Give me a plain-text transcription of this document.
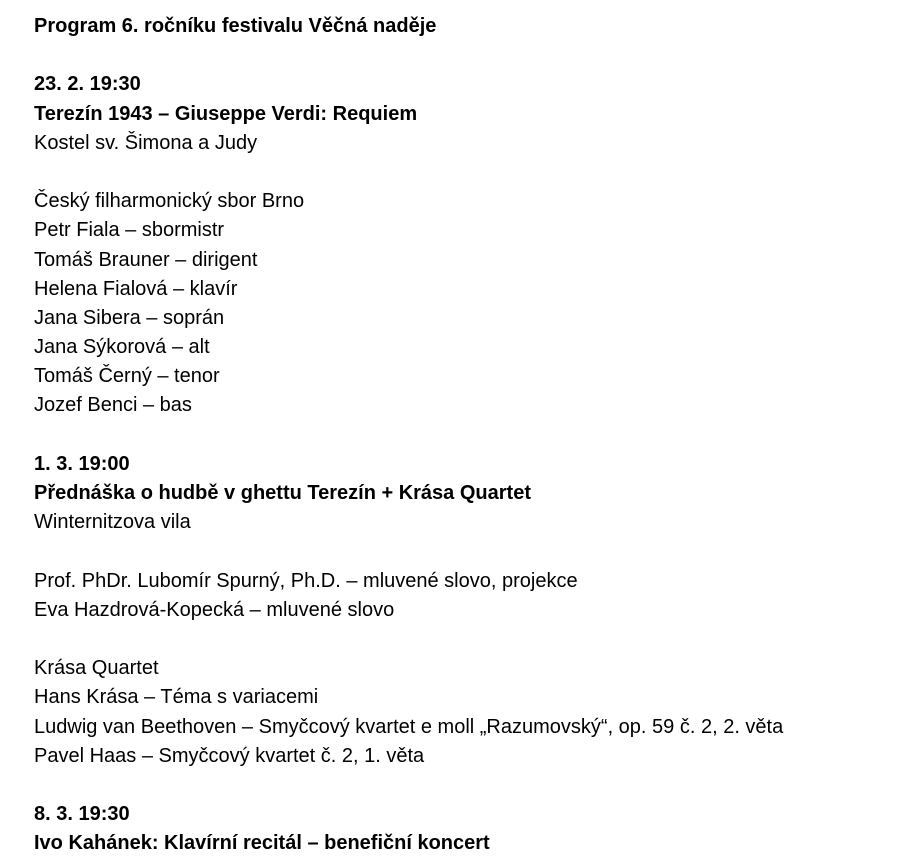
Program 6. ročníku festivalu Věčná naděje
23. 2. 19:30
Terezín 1943 – Giuseppe Verdi: Requiem
Kostel sv. Šimona a Judy
Český filharmonický sbor Brno
Petr Fiala – sbormistr
Tomáš Brauner – dirigent
Helena Fialová – klavír
Jana Sibera – soprán
Jana Sýkorová – alt
Tomáš Černý – tenor
Jozef Benci – bas
1. 3. 19:00
Přednáška o hudbě v ghettu Terezín + Krása Quartet
Winternitzova vila
Prof. PhDr. Lubomír Spurný, Ph.D. – mluvené slovo, projekce
Eva Hazdrová-Kopecká – mluvené slovo
Krása Quartet
Hans Krása – Téma s variacemi
Ludwig van Beethoven – Smyčcový kvartet e moll „Razumovský“, op. 59 č. 2, 2. věta
Pavel Haas – Smyčcový kvartet č. 2, 1. věta
8. 3. 19:30
Ivo Kahánek: Klavírní recitál – benefiční koncert
